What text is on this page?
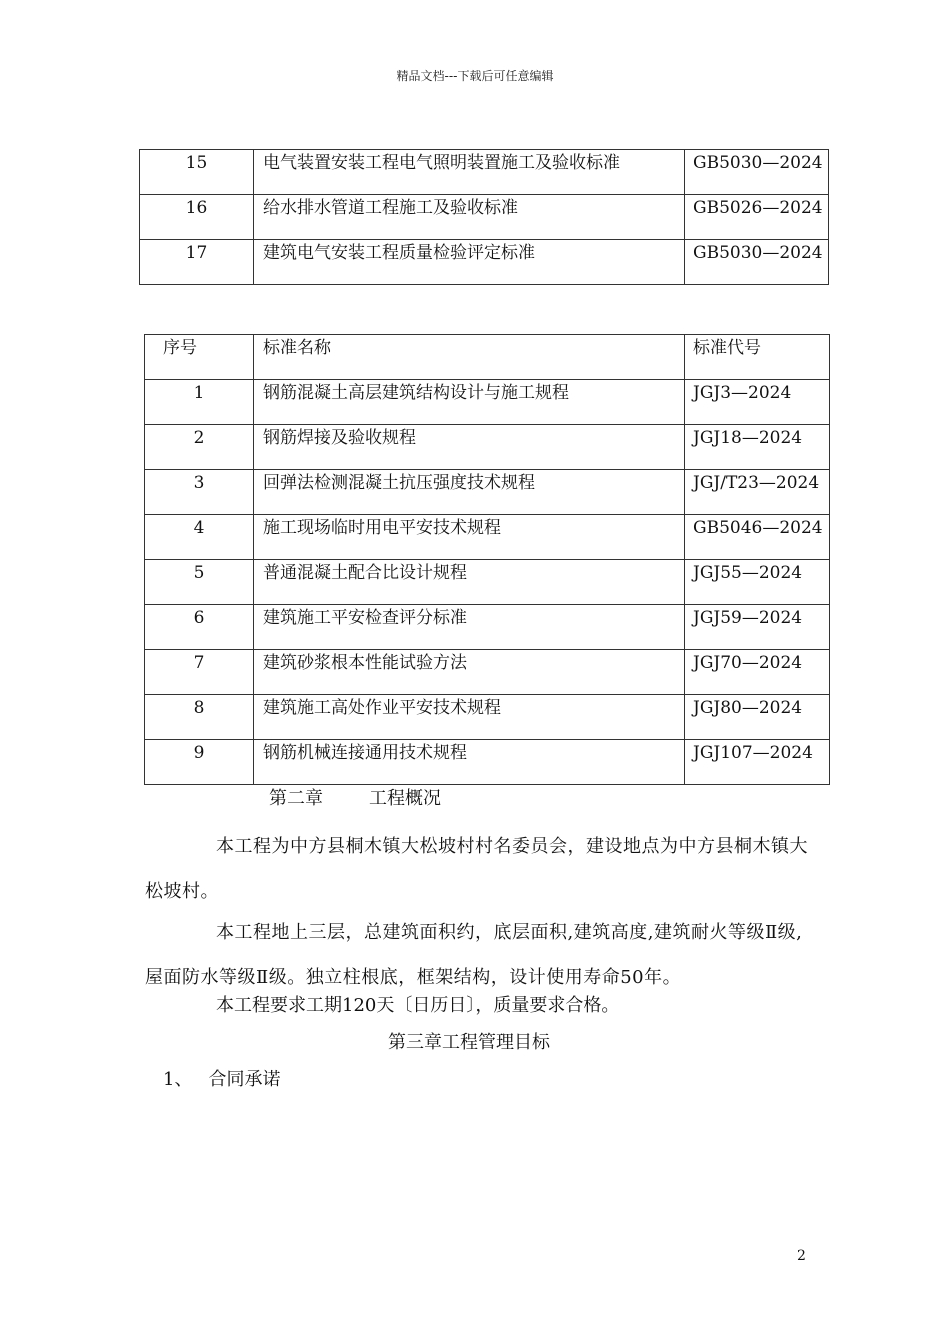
精品文档---下载后可任意编辑
15	电气装置安装工程电气照明装置施工及验收标准	GB5030—2024
16	给水排水管道工程施工及验收标准	GB5026—2024
17	建筑电气安装工程质量检验评定标准	GB5030—2024
序号	标准名称	标准代号
1	钢筋混凝土高层建筑结构设计与施工规程	JGJ3—2024
2	钢筋焊接及验收规程	JGJ18—2024
3	回弹法检测混凝土抗压强度技术规程	JGJ/T23—2024
4	施工现场临时用电平安技术规程	GB5046—2024
5	普通混凝土配合比设计规程	JGJ55—2024
6	建筑施工平安检查评分标准	JGJ59—2024
7	建筑砂浆根本性能试验方法	JGJ70—2024
8	建筑施工高处作业平安技术规程	JGJ80—2024
9	钢筋机械连接通用技术规程	JGJ107—2024
第二章	工程概况
本工程为中方县桐木镇大松坡村村名委员会，建设地点为中方县桐木镇大松坡村。
本工程地上三层，总建筑面积约，底层面积,建筑高度,建筑耐火等级Ⅱ级,屋面防水等级Ⅱ级。独立柱根底，框架结构，设计使用寿命50年。
本工程要求工期120天〔日历日〕，质量要求合格。
第三章工程管理目标
1、 合同承诺
2
